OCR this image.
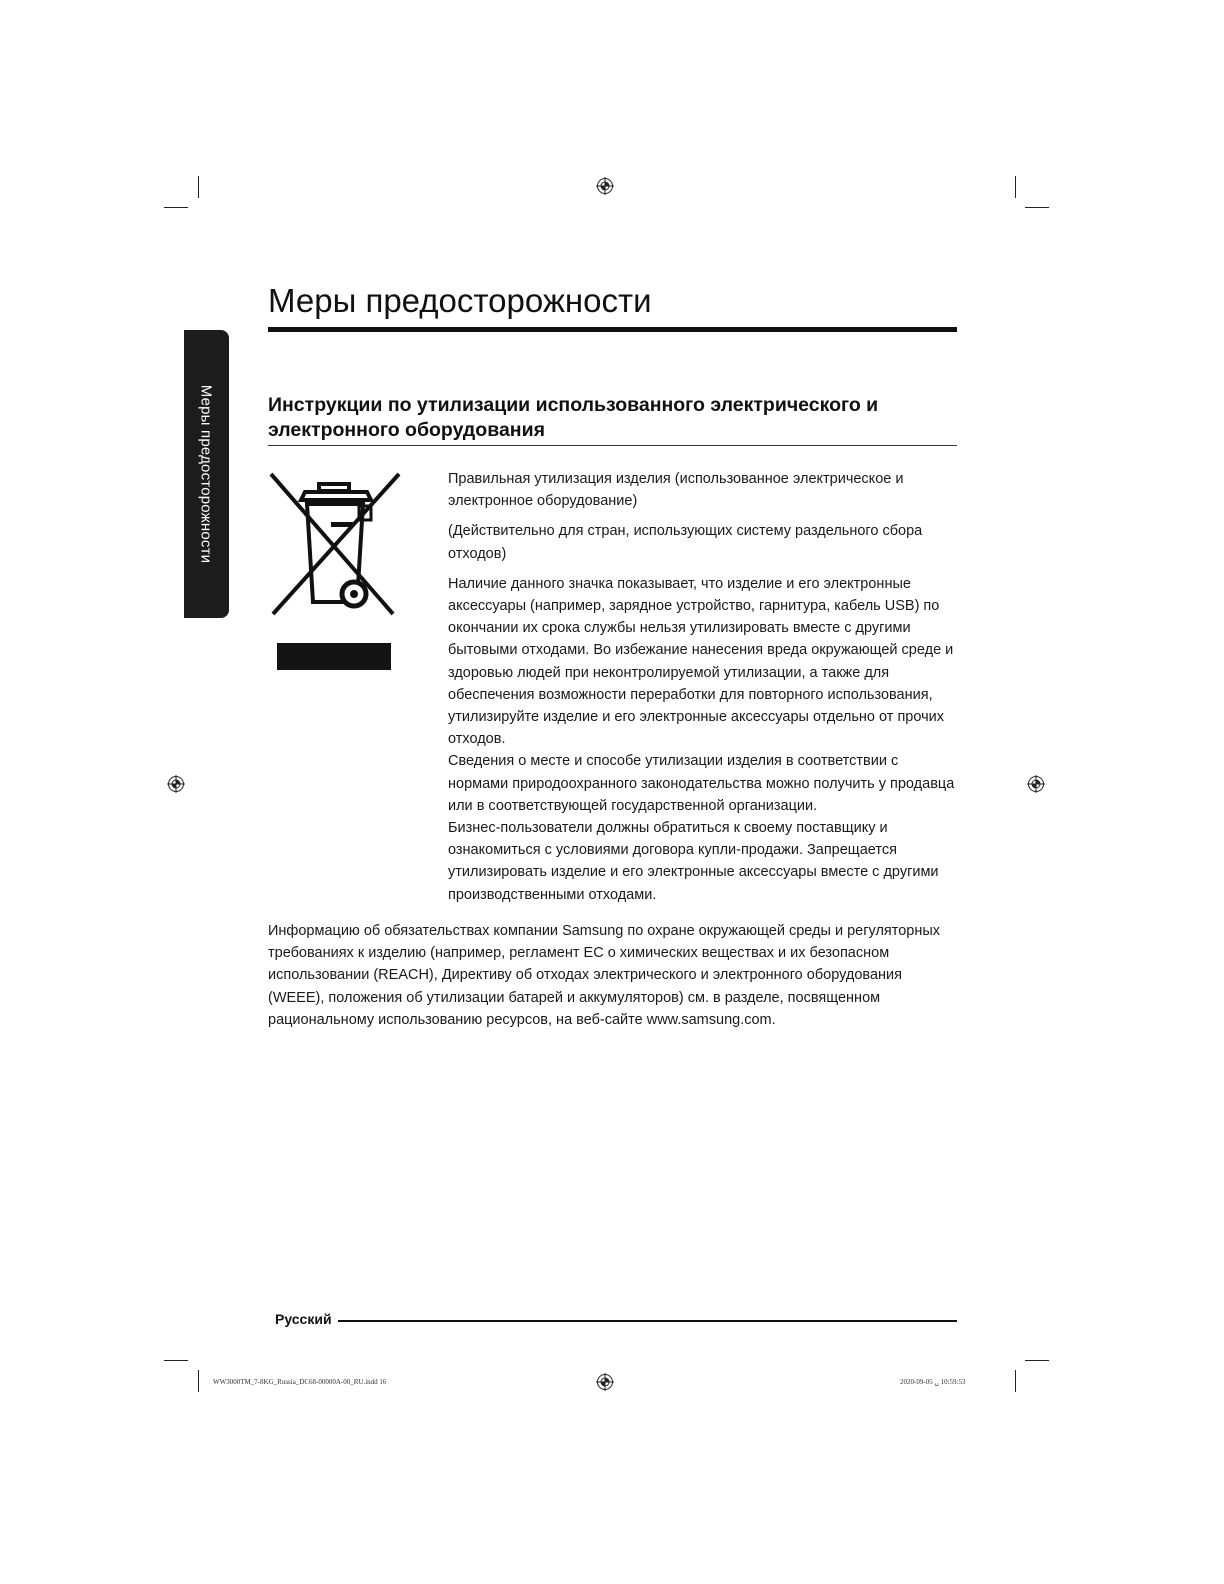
Меры предосторожности
Меры предосторожности
Инструкции по утилизации использованного электрического и электронного оборудования

Правильная утилизация изделия (использованное электрическое и электронное оборудование)

(Действительно для стран, использующих систему раздельного сбора отходов)

Наличие данного значка показывает, что изделие и его электронные аксессуары (например, зарядное устройство, гарнитура, кабель USB) по окончании их срока службы нельзя утилизировать вместе с другими бытовыми отходами. Во избежание нанесения вреда окружающей среде и здоровью людей при неконтролируемой утилизации, а также для обеспечения возможности переработки для повторного использования, утилизируйте изделие и его электронные аксессуары отдельно от прочих отходов.

Сведения о месте и способе утилизации изделия в соответствии с нормами природоохранного законодательства можно получить у продавца или в соответствующей государственной организации.

Бизнес-пользователи должны обратиться к своему поставщику и ознакомиться с условиями договора купли-продажи. Запрещается утилизировать изделие и его электронные аксессуары вместе с другими производственными отходами.

Информацию об обязательствах компании Samsung по охране окружающей среды и регуляторных требованиях к изделию (например, регламент ЕС о химических веществах и их безопасном использовании (REACH), Директиву об отходах электрического и электронного оборудования (WEEE), положения об утилизации батарей и аккумуляторов) см. в разделе, посвященном рациональному использованию ресурсов, на веб-сайте www.samsung.com.
Русский
WW3000TM_7-8KG_Russia_DC68-00000A-00_RU.indd 16	2020-09-05 ␣ 10:59:53
